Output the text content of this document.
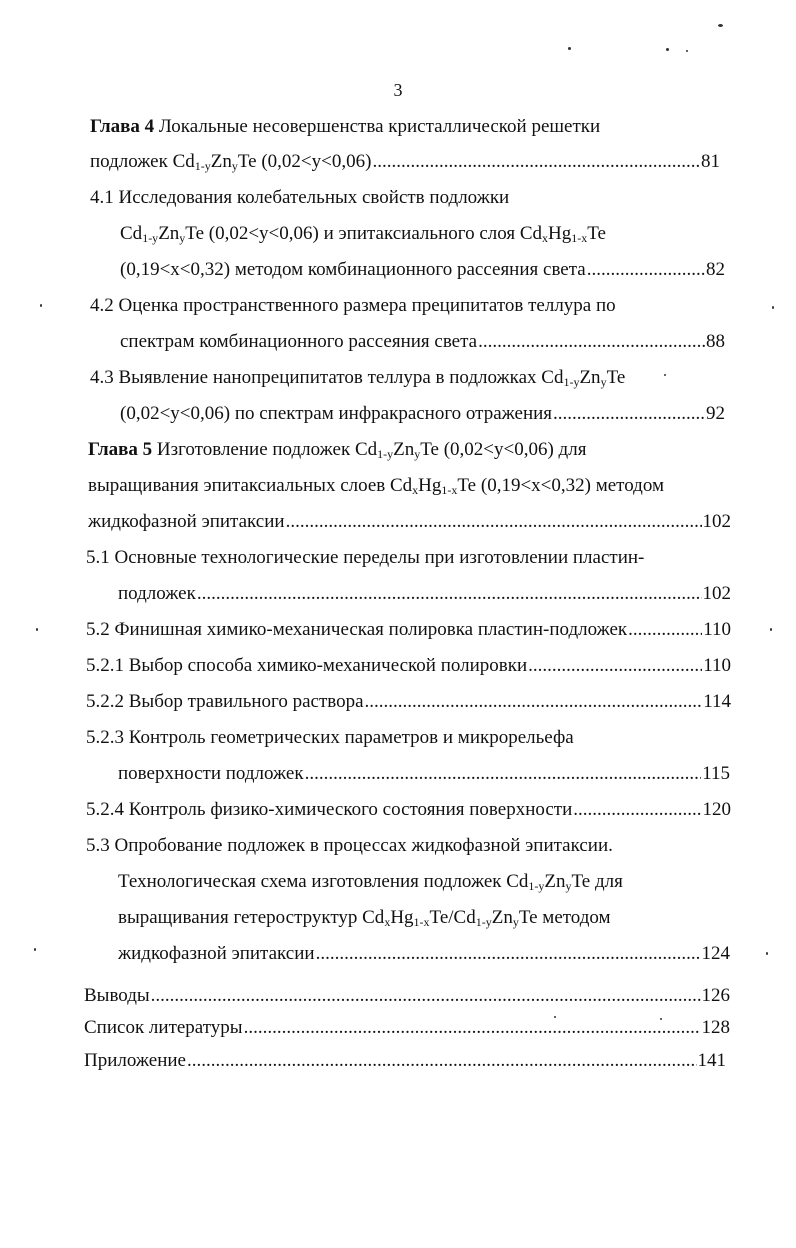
3
Глава 4 Локальные несовершенства кристаллической решетки
подложек $Cd_{1-y}Zn_yTe$ (0,02<y<0,06) .....	81
4.1 Исследования колебательных свойств подложки
$Cd_{1-y}Zn_yTe$ (0,02<y<0,06) и эпитаксиального слоя $Cd_xHg_{1-x}Te$
(0,19<x<0,32) методом комбинационного рассеяния света .....	82
4.2 Оценка пространственного размера преципитатов теллура по
спектрам комбинационного рассеяния света .....	88
4.3 Выявление нанопреципитатов теллура в подложках $Cd_{1-y}Zn_yTe$
(0,02<y<0,06) по спектрам инфракрасного отражения .....	92
Глава 5 Изготовление подложек $Cd_{1-y}Zn_yTe$ (0,02<y<0,06) для
выращивания эпитаксиальных слоев $Cd_xHg_{1-x}Te$ (0,19<x<0,32) методом
жидкофазной эпитаксии .....	102
5.1 Основные технологические переделы при изготовлении пластин-
подложек .....	102
5.2 Финишная химико-механическая полировка пластин-подложек .....	110
5.2.1 Выбор способа химико-механической полировки .....	110
5.2.2 Выбор травильного раствора .....	114
5.2.3 Контроль геометрических параметров и микрорельефа
поверхности подложек .....	115
5.2.4 Контроль физико-химического состояния поверхности .....	120
5.3 Опробование подложек в процессах жидкофазной эпитаксии.
Технологическая схема изготовления подложек $Cd_{1-y}Zn_yTe$ для
выращивания гетероструктур $Cd_xHg_{1-x}Te/Cd_{1-y}Zn_yTe$ методом
жидкофазной эпитаксии .....	124
Выводы .....	126
Список литературы .....	128
Приложение .....	141
